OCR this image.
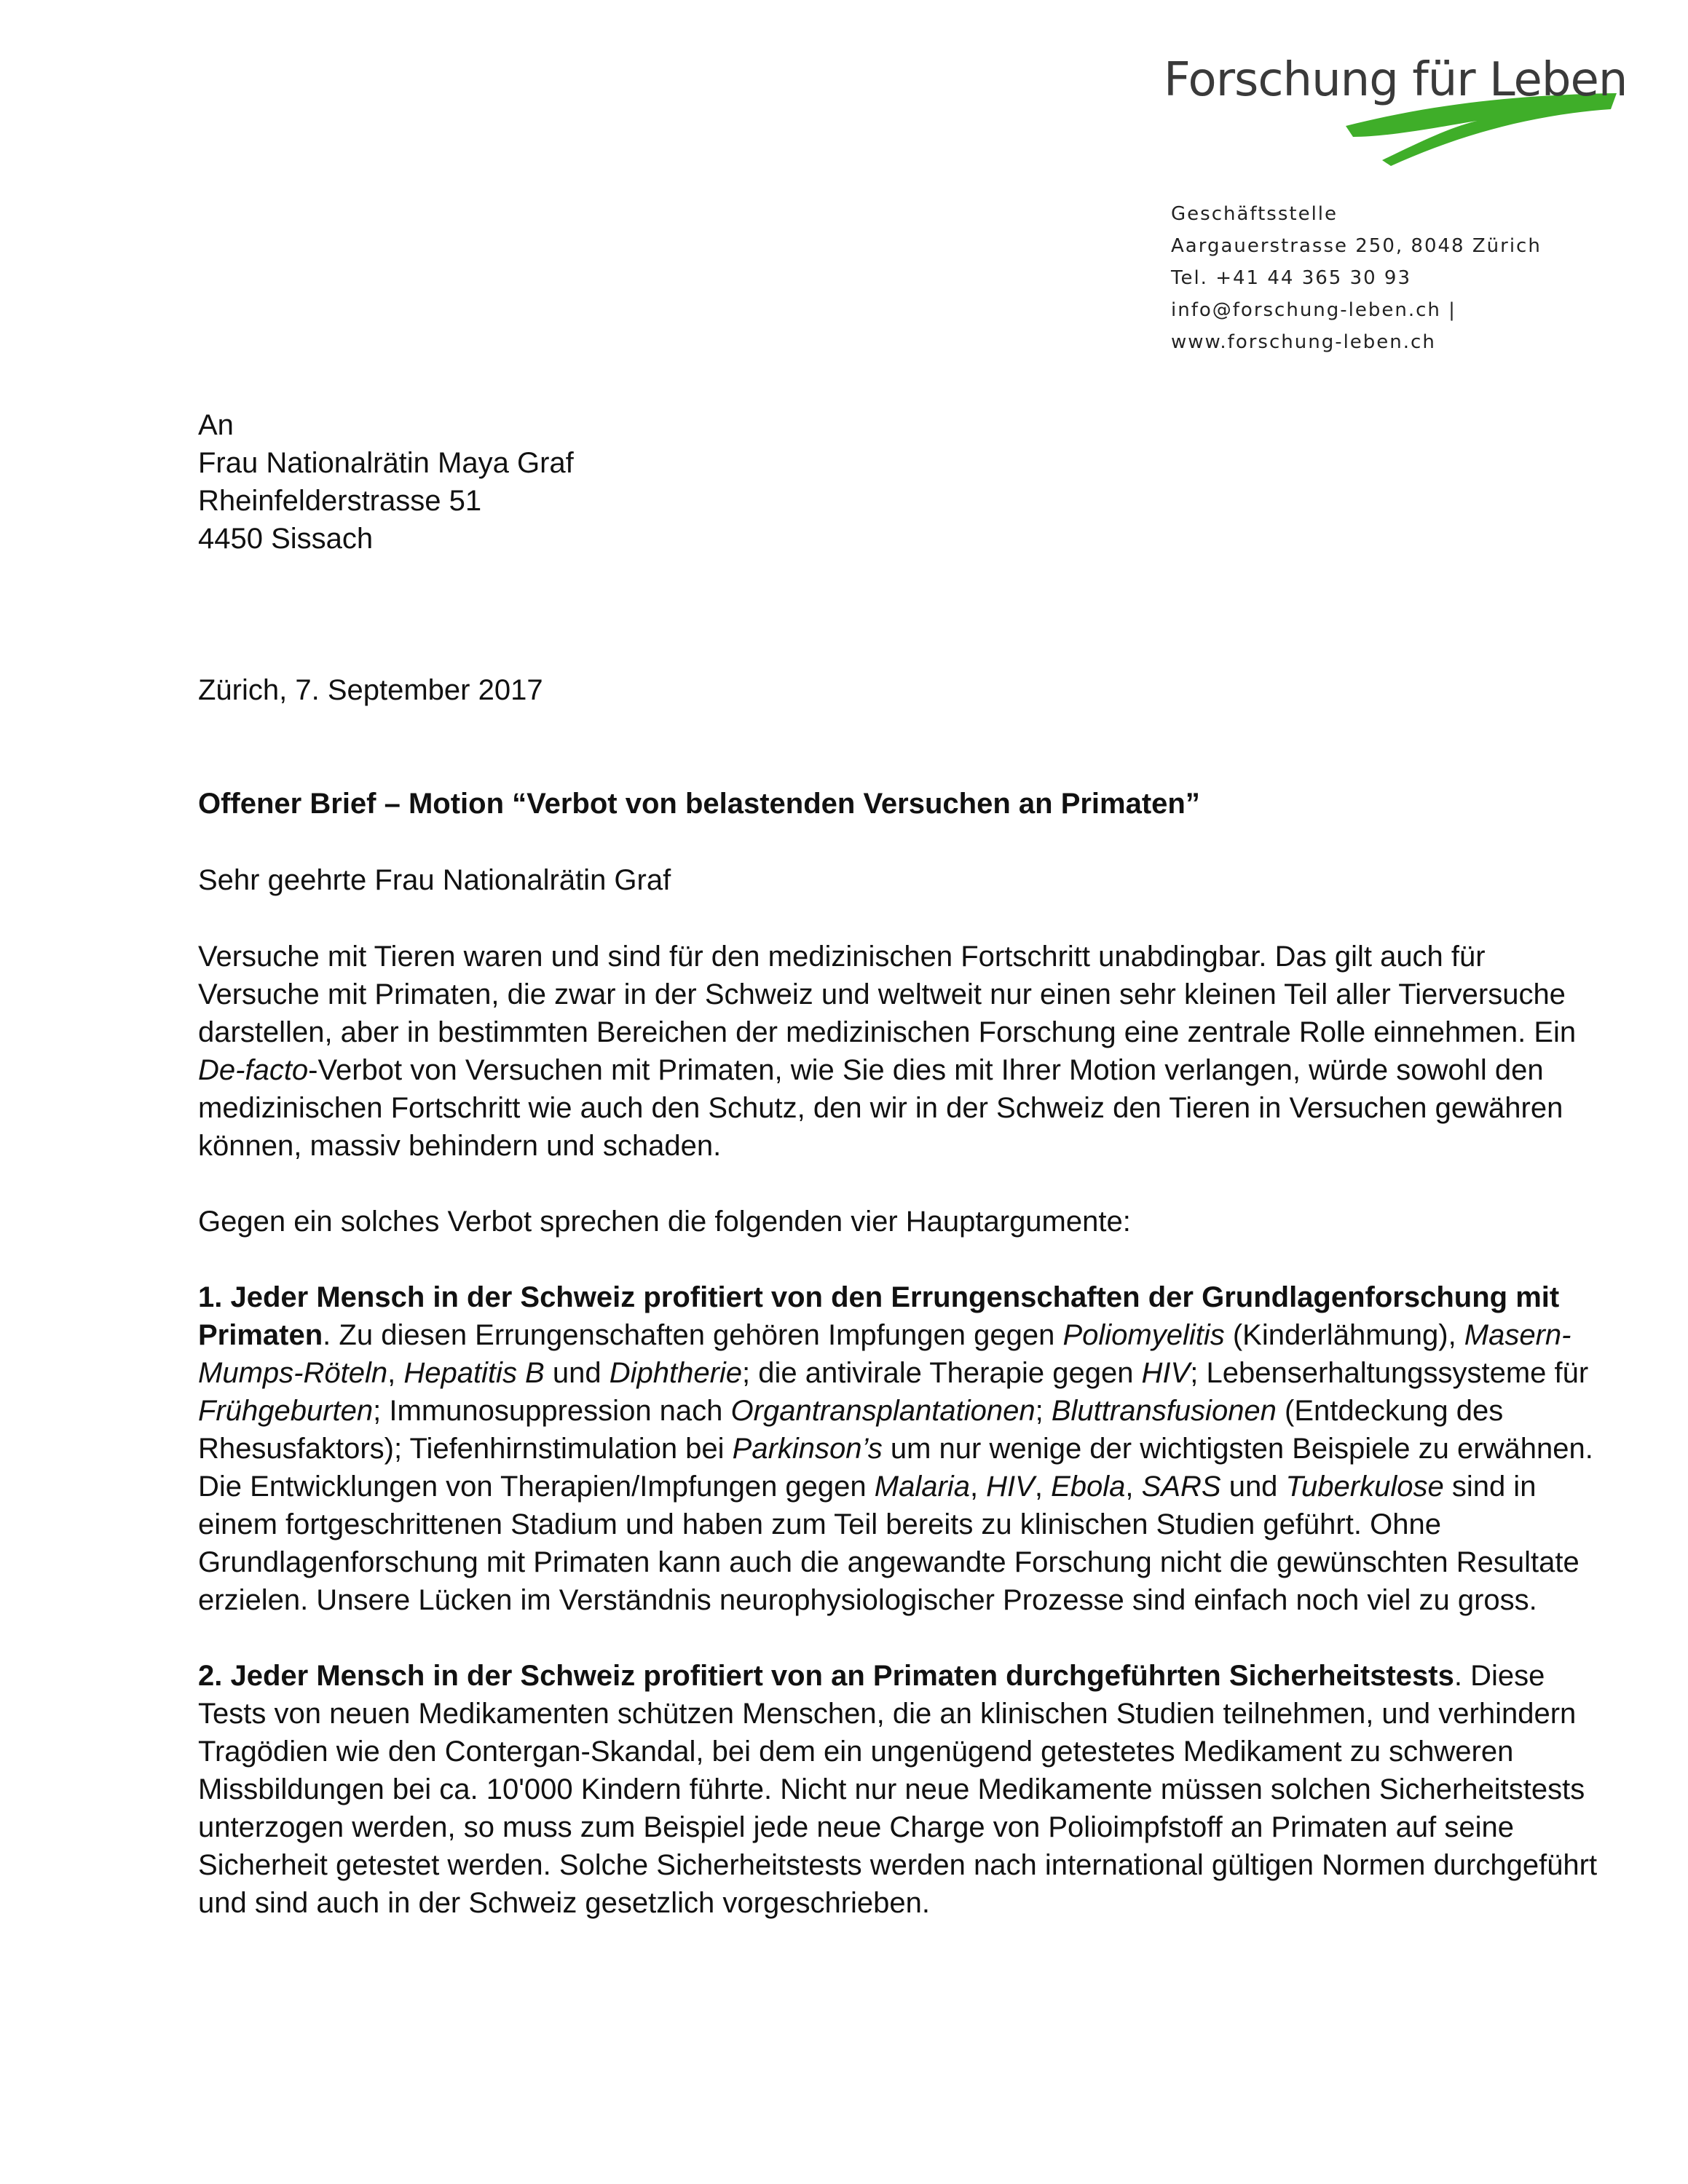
Forschung für Leben
Geschäftsstelle
Aargauerstrasse 250, 8048 Zürich
Tel. +41 44 365 30 93
info@forschung-leben.ch |
www.forschung-leben.ch
An
Frau Nationalrätin Maya Graf
Rheinfelderstrasse 51
4450 Sissach
Zürich, 7. September 2017
Offener Brief – Motion “Verbot von belastenden Versuchen an Primaten”
Sehr geehrte Frau Nationalrätin Graf
Versuche mit Tieren waren und sind für den medizinischen Fortschritt unabdingbar. Das gilt auch für
Versuche mit Primaten, die zwar in der Schweiz und weltweit nur einen sehr kleinen Teil aller Tierversuche
darstellen, aber in bestimmten Bereichen der medizinischen Forschung eine zentrale Rolle einnehmen. Ein
De-facto-Verbot von Versuchen mit Primaten, wie Sie dies mit Ihrer Motion verlangen, würde sowohl den
medizinischen Fortschritt wie auch den Schutz, den wir in der Schweiz den Tieren in Versuchen gewähren
können, massiv behindern und schaden.
Gegen ein solches Verbot sprechen die folgenden vier Hauptargumente:
1. Jeder Mensch in der Schweiz profitiert von den Errungenschaften der Grundlagenforschung mit
Primaten. Zu diesen Errungenschaften gehören Impfungen gegen Poliomyelitis (Kinderlähmung), Masern-
Mumps-Röteln, Hepatitis B und Diphtherie; die antivirale Therapie gegen HIV; Lebenserhaltungssysteme für
Frühgeburten; Immunosuppression nach Organtransplantationen; Bluttransfusionen (Entdeckung des
Rhesusfaktors); Tiefenhirnstimulation bei Parkinson’s um nur wenige der wichtigsten Beispiele zu erwähnen.
Die Entwicklungen von Therapien/Impfungen gegen Malaria, HIV, Ebola, SARS und Tuberkulose sind in
einem fortgeschrittenen Stadium und haben zum Teil bereits zu klinischen Studien geführt. Ohne
Grundlagenforschung mit Primaten kann auch die angewandte Forschung nicht die gewünschten Resultate
erzielen. Unsere Lücken im Verständnis neurophysiologischer Prozesse sind einfach noch viel zu gross.
2. Jeder Mensch in der Schweiz profitiert von an Primaten durchgeführten Sicherheitstests. Diese
Tests von neuen Medikamenten schützen Menschen, die an klinischen Studien teilnehmen, und verhindern
Tragödien wie den Contergan-Skandal, bei dem ein ungenügend getestetes Medikament zu schweren
Missbildungen bei ca. 10'000 Kindern führte. Nicht nur neue Medikamente müssen solchen Sicherheitstests
unterzogen werden, so muss zum Beispiel jede neue Charge von Polioimpfstoff an Primaten auf seine
Sicherheit getestet werden. Solche Sicherheitstests werden nach international gültigen Normen durchgeführt
und sind auch in der Schweiz gesetzlich vorgeschrieben.
